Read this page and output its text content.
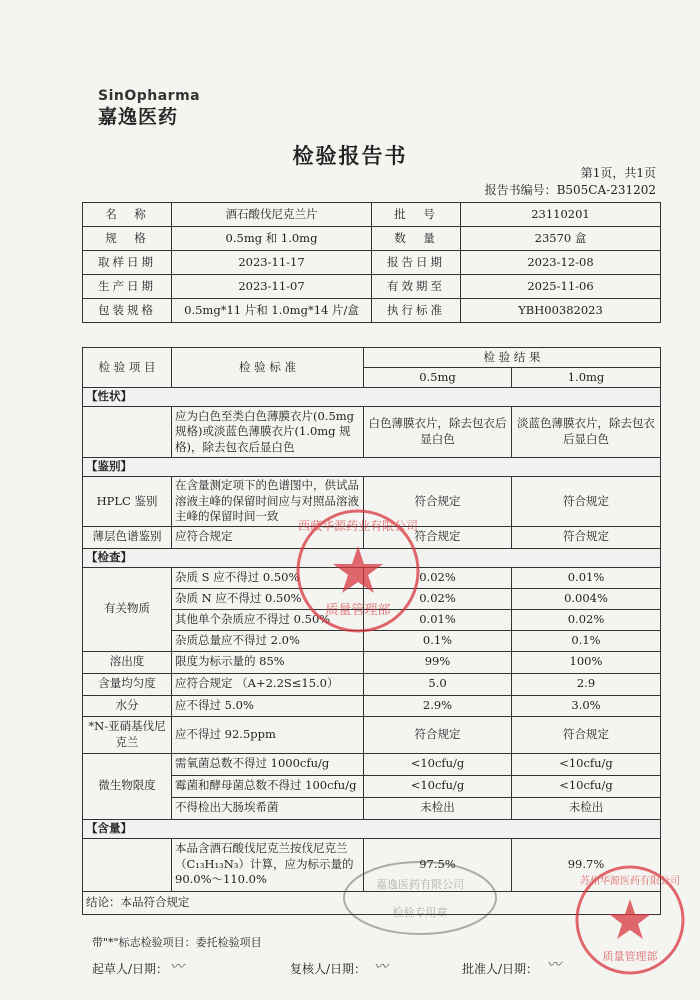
SinOpharma
嘉逸医药
检验报告书
第1页，共1页
报告书编号：B505CA-231202
名　称	酒石酸伐尼克兰片	批　号	23110201
规　格	0.5mg 和 1.0mg	数　量	23570 盒
取样日期	2023-11-17	报告日期	2023-12-08
生产日期	2023-11-07	有效期至	2025-11-06
包装规格	0.5mg*11 片和 1.0mg*14 片/盒	执行标准	YBH00382023
检 验 项 目	检 验 标 准	检 验 结 果	
		0.5mg	1.0mg
【性状】			
	应为白色至类白色薄膜衣片(0.5mg规格)或淡蓝色薄膜衣片(1.0mg 规格)，除去包衣后显白色	白色薄膜衣片，除去包衣后显白色	淡蓝色薄膜衣片，除去包衣后显白色
【鉴别】			
HPLC 鉴别	在含量测定项下的色谱图中，供试品溶液主峰的保留时间应与对照品溶液主峰的保留时间一致	符合规定	符合规定
薄层色谱鉴别	应符合规定	符合规定	符合规定
【检查】			
有关物质	杂质 S 应不得过 0.50%	0.02%	0.01%
	杂质 N 应不得过 0.50%	0.02%	0.004%
	其他单个杂质应不得过 0.50%	0.01%	0.02%
	杂质总量应不得过 2.0%	0.1%	0.1%
溶出度	限度为标示量的 85%	99%	100%
含量均匀度	应符合规定 （A+2.2S≤15.0）	5.0	2.9
水分	应不得过 5.0%	2.9%	3.0%
*N-亚硝基伐尼克兰	应不得过 92.5ppm	符合规定	符合规定
微生物限度	需氧菌总数不得过 1000cfu/g	<10cfu/g	<10cfu/g
	霉菌和酵母菌总数不得过 100cfu/g	<10cfu/g	<10cfu/g
	不得检出大肠埃希菌	未检出	未检出
【含量】			
	本品含酒石酸伐尼克兰按伐尼克兰（C₁₃H₁₃N₃）计算，应为标示量的 90.0%～110.0%	97.5%	99.7%
结论：本品符合规定			
带"*"标志检验项目：委托检验项目
起草人/日期： 〰	复核人/日期： 〰	批准人/日期： 〰
西藏华源药业有限公司
质量管理部
苏州华源医药有限公司
质量管理部
嘉逸医药有限公司
检验专用章
